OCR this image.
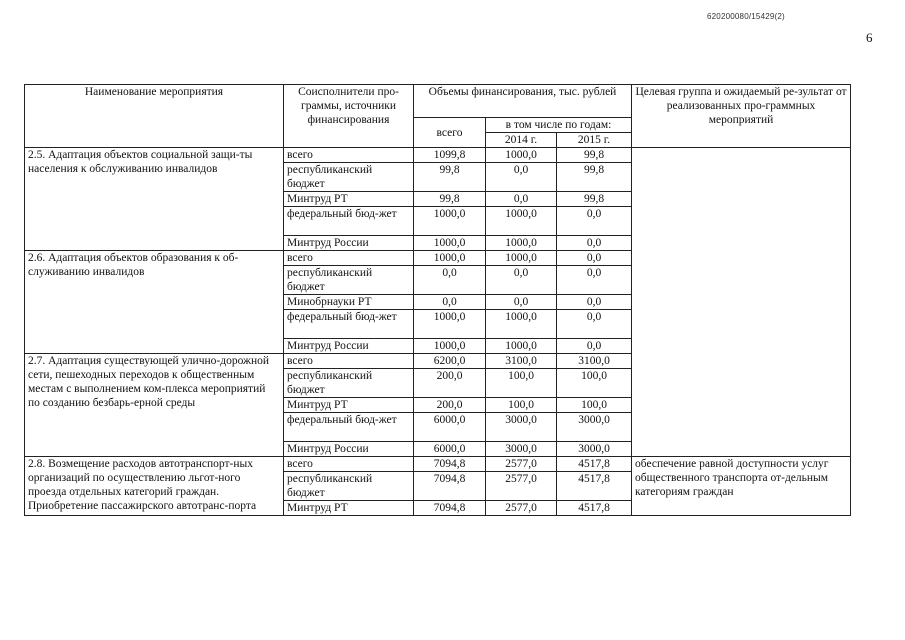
620200080/15429(2)
6
Наименование мероприятия	Соисполнители про-граммы, источники финансирования	Объемы финансирования, тыс. рублей			Целевая группа и ожидаемый ре-зультат от реализованных про-граммных мероприятий
		всего	в том числе по годам:		
			2014 г.	2015 г.	
2.5. Адаптация объектов социальной защи-ты населения к обслуживанию инвалидов	всего	1099,8	1000,0	99,8	
	республиканский бюджет	99,8	0,0	99,8	
	Минтруд РТ	99,8	0,0	99,8	
	федеральный бюд-жет	1000,0	1000,0	0,0	
	Минтруд России	1000,0	1000,0	0,0	
2.6. Адаптация объектов образования к об-служиванию инвалидов	всего	1000,0	1000,0	0,0	
	республиканский бюджет	0,0	0,0	0,0	
	Минобрнауки РТ	0,0	0,0	0,0	
	федеральный бюд-жет	1000,0	1000,0	0,0	
	Минтруд России	1000,0	1000,0	0,0	
2.7. Адаптация существующей улично-дорожной сети, пешеходных переходов к общественным местам с выполнением ком-плекса мероприятий по созданию безбарь-ерной среды	всего	6200,0	3100,0	3100,0	
	республиканский бюджет	200,0	100,0	100,0	
	Минтруд РТ	200,0	100,0	100,0	
	федеральный бюд-жет	6000,0	3000,0	3000,0	
	Минтруд России	6000,0	3000,0	3000,0	
2.8. Возмещение расходов автотранспорт-ных организаций по осуществлению льгот-ного проезда отдельных категорий граждан. Приобретение пассажирского автотранс-порта	всего	7094,8	2577,0	4517,8	обеспечение равной доступности услуг общественного транспорта от-дельным категориям граждан
	республиканский бюджет	7094,8	2577,0	4517,8	
	Минтруд РТ	7094,8	2577,0	4517,8	
